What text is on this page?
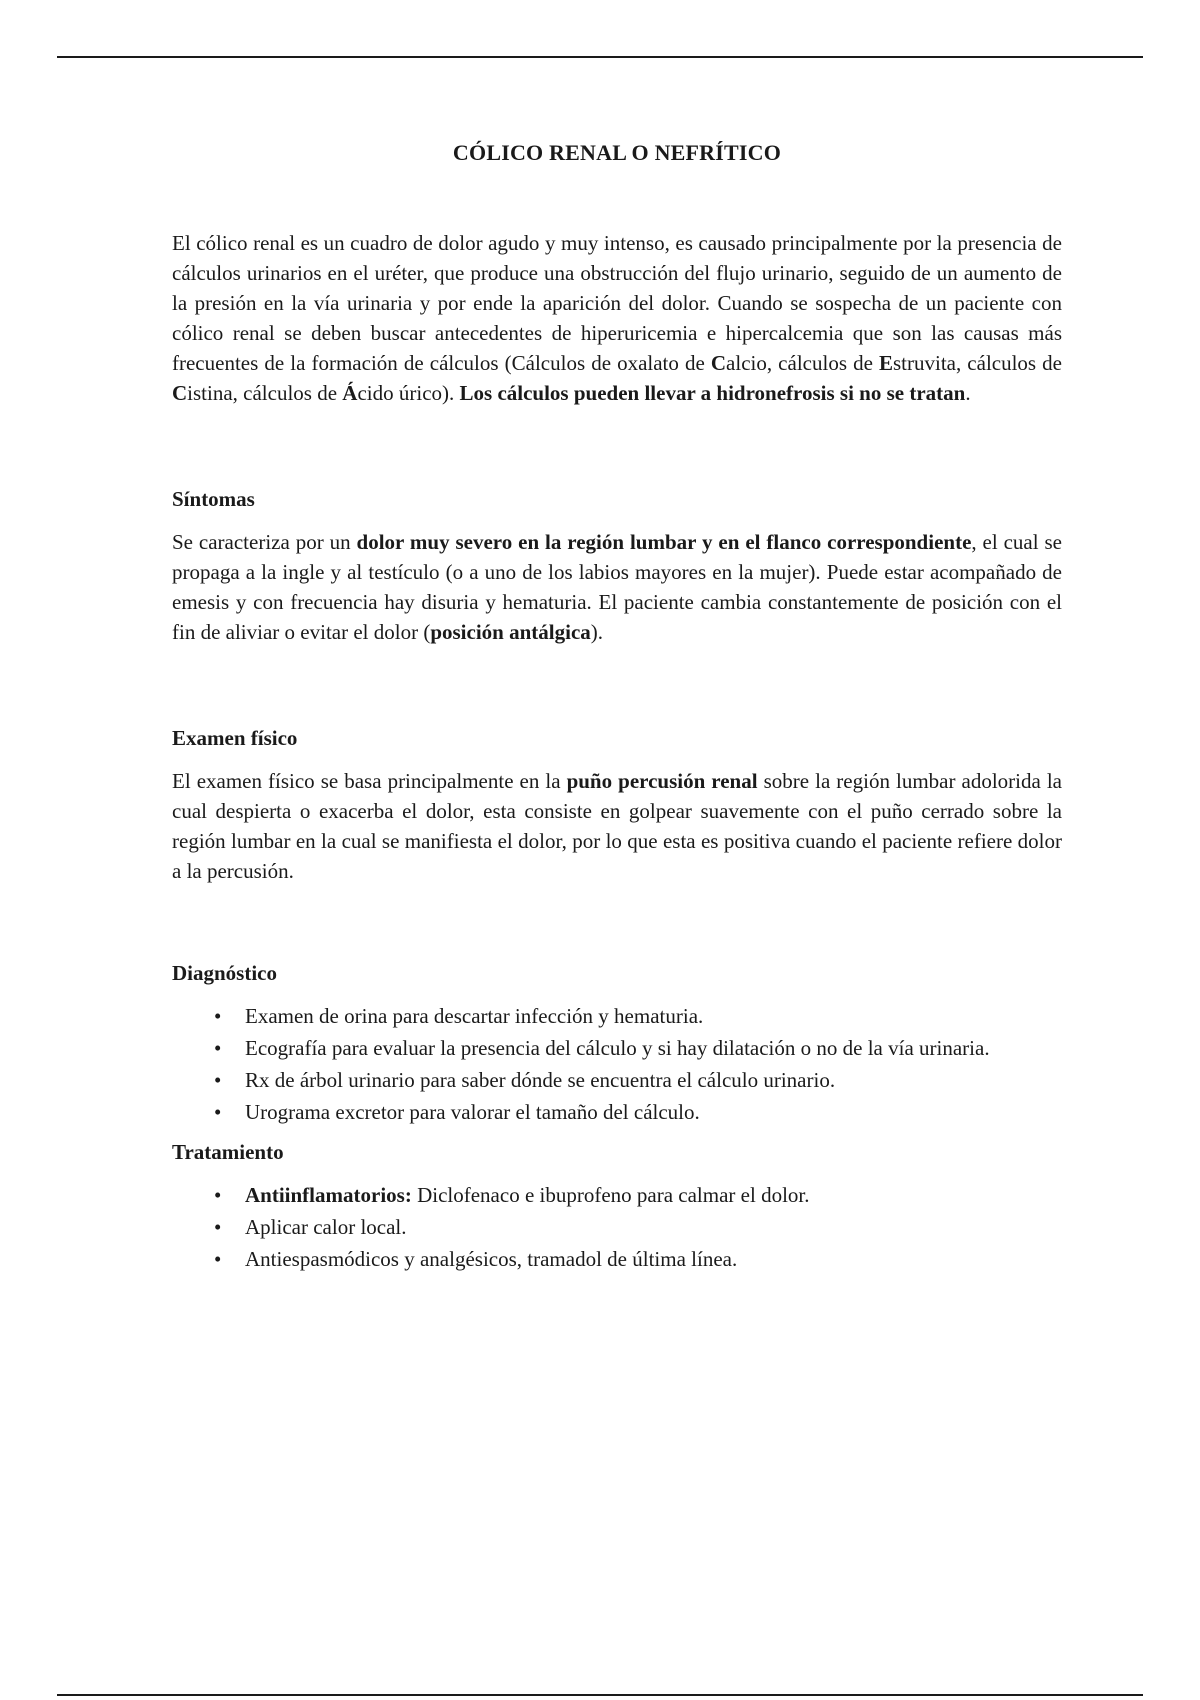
CÓLICO RENAL O NEFRÍTICO

El cólico renal es un cuadro de dolor agudo y muy intenso, es causado principalmente por la presencia de cálculos urinarios en el uréter, que produce una obstrucción del flujo urinario, seguido de un aumento de la presión en la vía urinaria y por ende la aparición del dolor. Cuando se sospecha de un paciente con cólico renal se deben buscar antecedentes de hiperuricemia e hipercalcemia que son las causas más frecuentes de la formación de cálculos (Cálculos de oxalato de Calcio, cálculos de Estruvita, cálculos de Cistina, cálculos de Ácido úrico). Los cálculos pueden llevar a hidronefrosis si no se tratan.

Síntomas

Se caracteriza por un dolor muy severo en la región lumbar y en el flanco correspondiente, el cual se propaga a la ingle y al testículo (o a uno de los labios mayores en la mujer). Puede estar acompañado de emesis y con frecuencia hay disuria y hematuria. El paciente cambia constantemente de posición con el fin de aliviar o evitar el dolor (posición antálgica).

Examen físico

El examen físico se basa principalmente en la puño percusión renal sobre la región lumbar adolorida la cual despierta o exacerba el dolor, esta consiste en golpear suavemente con el puño cerrado sobre la región lumbar en la cual se manifiesta el dolor, por lo que esta es positiva cuando el paciente refiere dolor a la percusión.

Diagnóstico
• Examen de orina para descartar infección y hematuria.
• Ecografía para evaluar la presencia del cálculo y si hay dilatación o no de la vía urinaria.
• Rx de árbol urinario para saber dónde se encuentra el cálculo urinario.
• Urograma excretor para valorar el tamaño del cálculo.
Tratamiento
• Antiinflamatorios: Diclofenaco e ibuprofeno para calmar el dolor.
• Aplicar calor local.
• Antiespasmódicos y analgésicos, tramadol de última línea.
